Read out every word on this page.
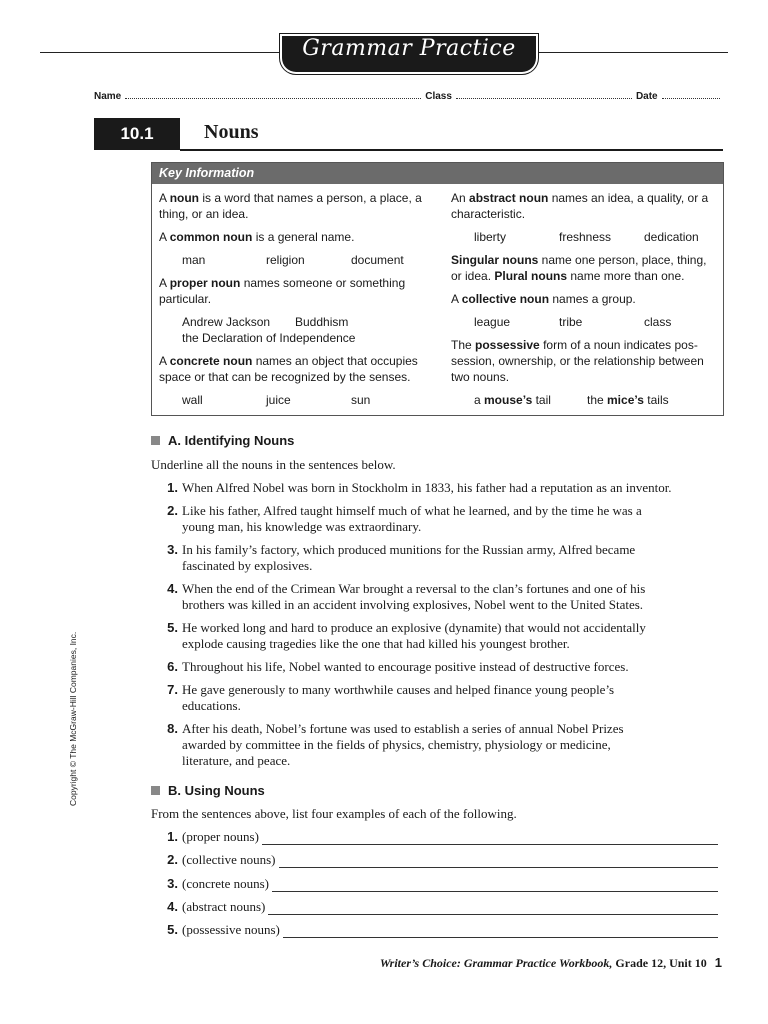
Grammar Practice
Name	Class	Date
10.1	Nouns
Key Information
A noun is a word that names a person, a place, a thing, or an idea.
A common noun is a general name.
man	religion	document
A proper noun names someone or something particular.
Andrew Jackson Buddhism
the Declaration of Independence
A concrete noun names an object that occupies space or that can be recognized by the senses.
wall	juice	sun
An abstract noun names an idea, a quality, or a characteristic.
liberty	freshness	dedication
Singular nouns name one person, place, thing, or idea. Plural nouns name more than one.
A collective noun names a group.
league	tribe	class
The possessive form of a noun indicates pos-session, ownership, or the relationship between two nouns.
a mouse’s tail	the mice’s tails
A. Identifying Nouns
Underline all the nouns in the sentences below.
1. When Alfred Nobel was born in Stockholm in 1833, his father had a reputation as an inventor.
2. Like his father, Alfred taught himself much of what he learned, and by the time he was a
young man, his knowledge was extraordinary.
3. In his family’s factory, which produced munitions for the Russian army, Alfred became
fascinated by explosives.
4. When the end of the Crimean War brought a reversal to the clan’s fortunes and one of his
brothers was killed in an accident involving explosives, Nobel went to the United States.
5. He worked long and hard to produce an explosive (dynamite) that would not accidentally
explode causing tragedies like the one that had killed his youngest brother.
6. Throughout his life, Nobel wanted to encourage positive instead of destructive forces.
7. He gave generously to many worthwhile causes and helped finance young people’s
educations.
8. After his death, Nobel’s fortune was used to establish a series of annual Nobel Prizes
awarded by committee in the fields of physics, chemistry, physiology or medicine,
literature, and peace.
B. Using Nouns
From the sentences above, list four examples of each of the following.
1. (proper nouns)
2. (collective nouns)
3. (concrete nouns)
4. (abstract nouns)
5. (possessive nouns)
Copyright © The McGraw-Hill Companies, Inc.
Writer’s Choice: Grammar Practice Workbook, Grade 12, Unit 10 1
